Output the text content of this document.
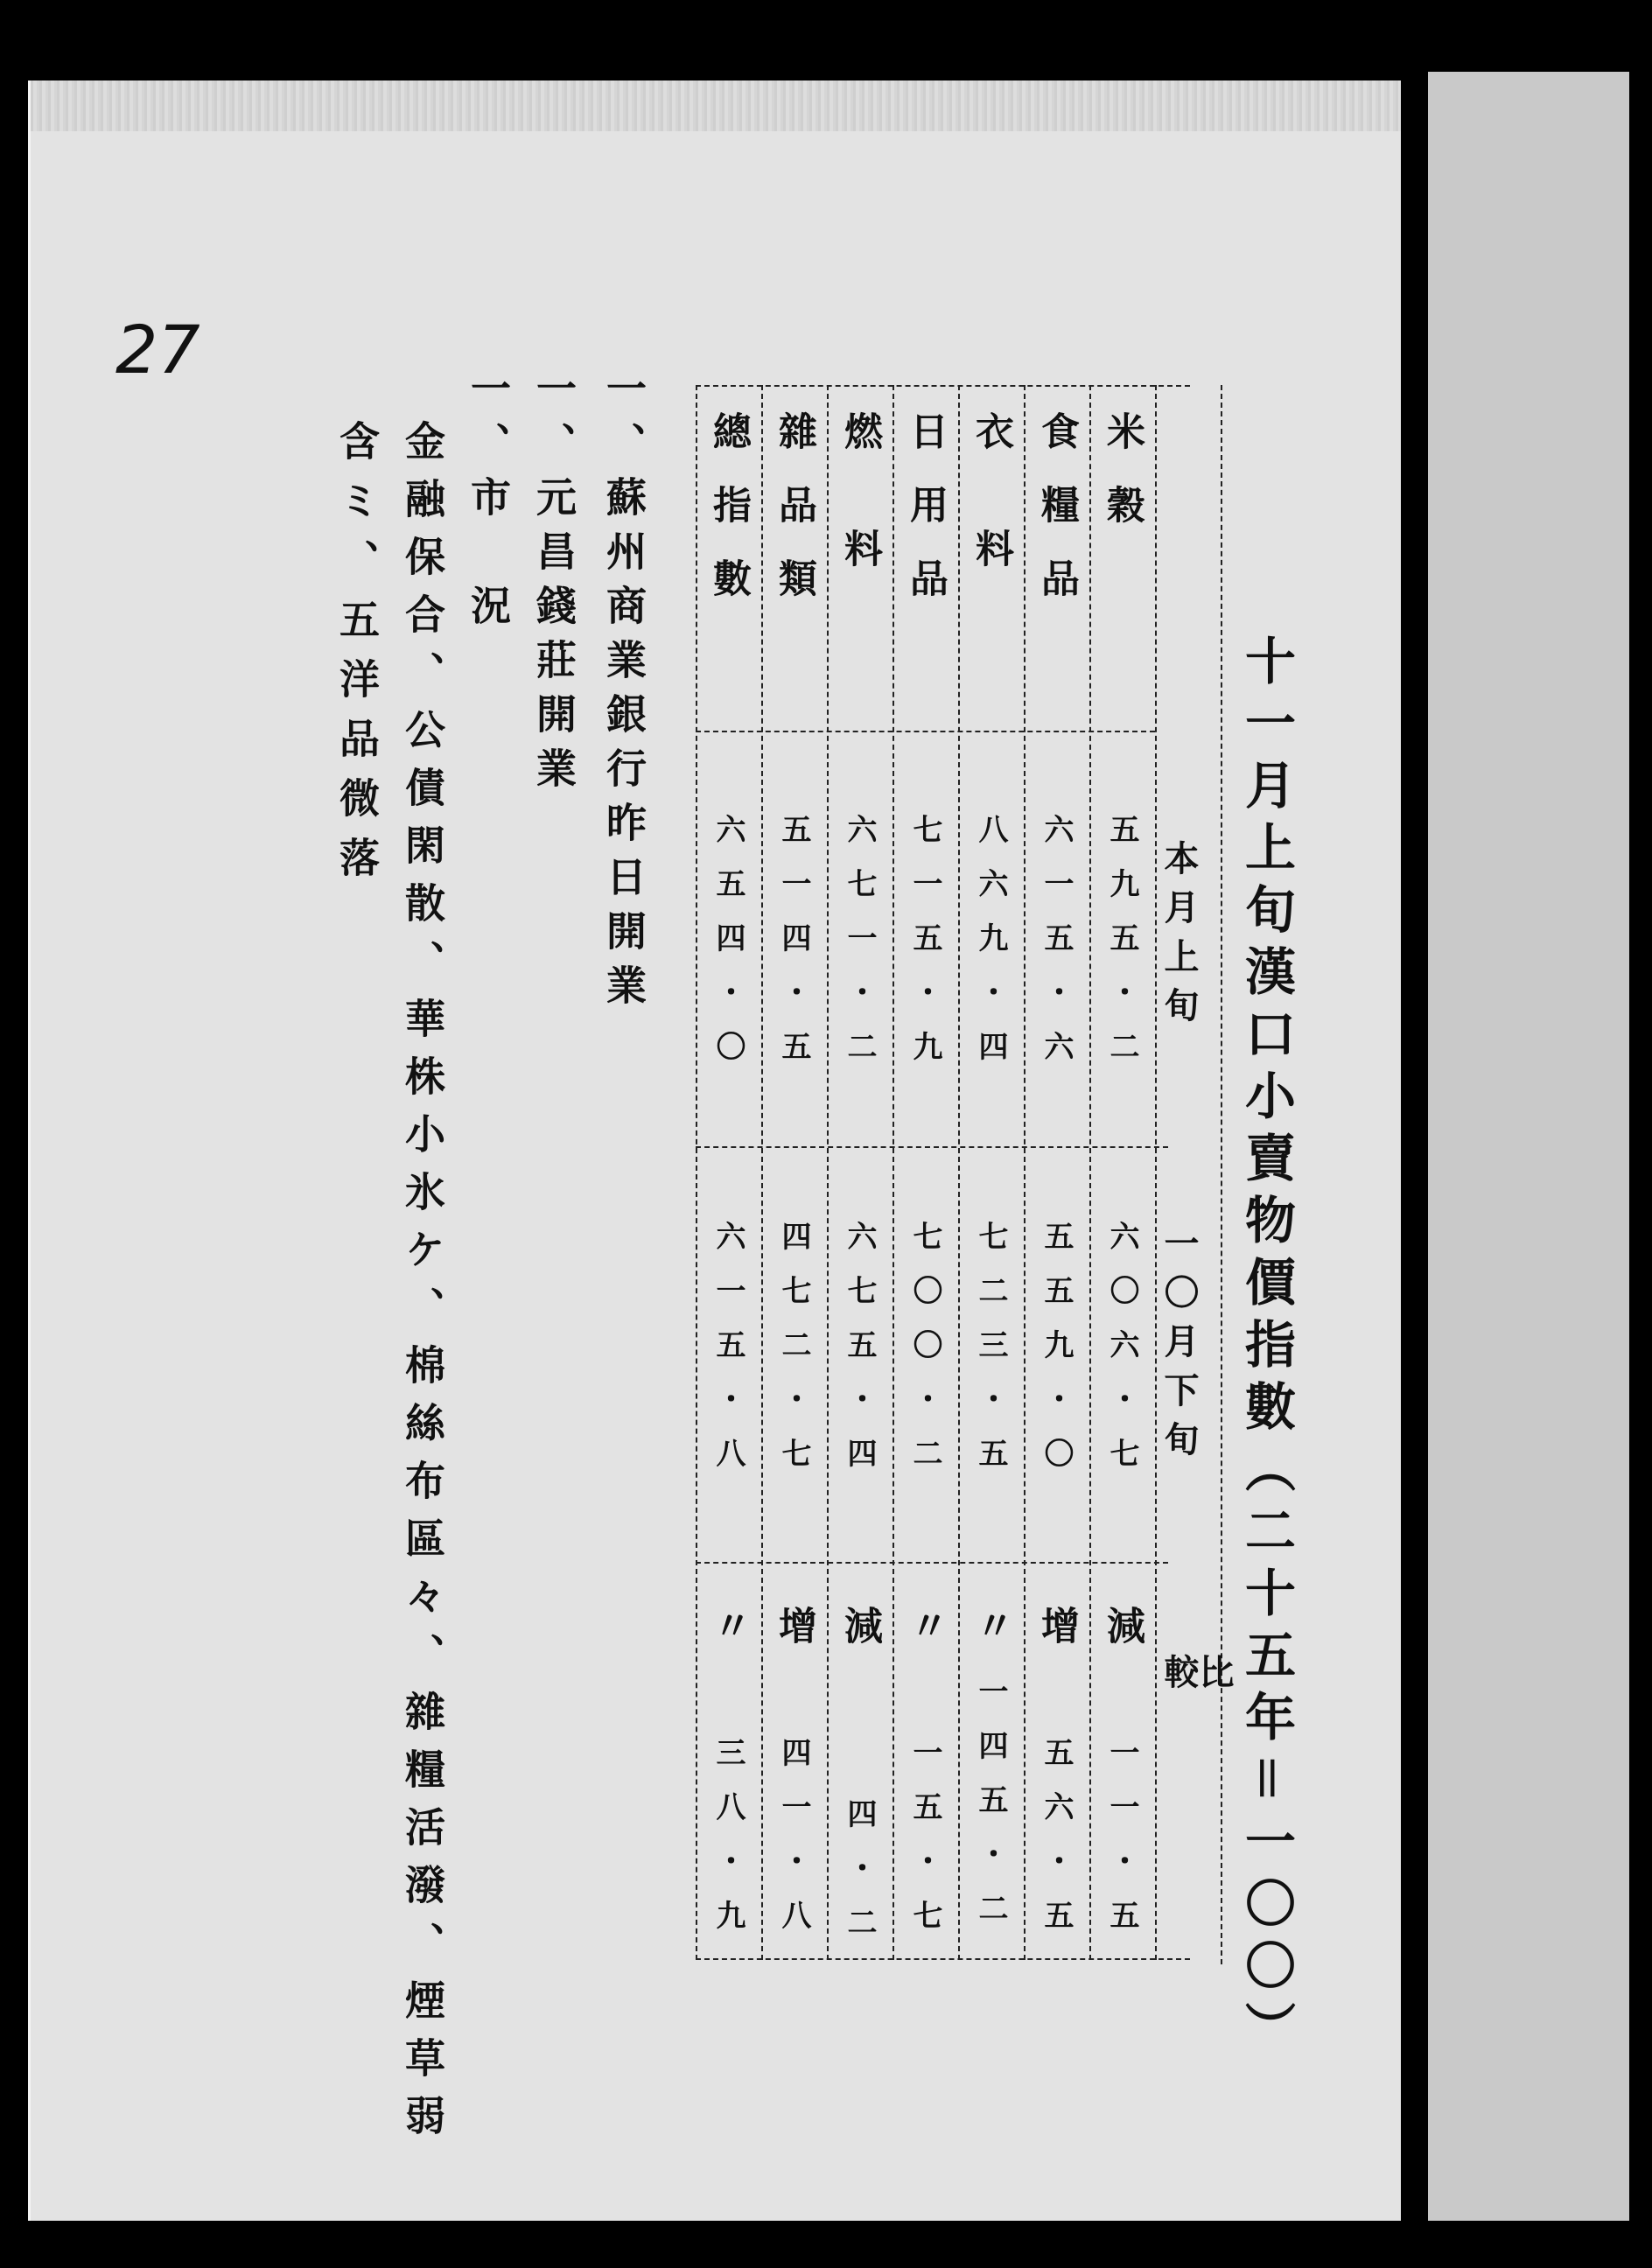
27
十一月上旬漢口小賣物價指數（二十五年＝一〇〇）
本月上旬
一〇月下旬
比　　較
米穀
五九五・二
六〇六・七
減
一一・五
食糧品
六一五・六
五五九・〇
增
五六・五
衣料
八六九・四
七二三・五
〃
一四五・二
日用品
七一五・九
七〇〇・二
〃
一五・七
燃料
六七一・二
六七五・四
減
四・二
雜品類
五一四・五
四七二・七
增
四一・八
總指數
六五四・〇
六一五・八
〃
三八・九
一、蘇州商業銀行昨日開業
一、元昌錢莊開業
一、市　況
金融保合、公債閑散、華株小氷ケ、棉絲布區々、雜糧活潑、煙草弱
含ミ、五洋品微落
